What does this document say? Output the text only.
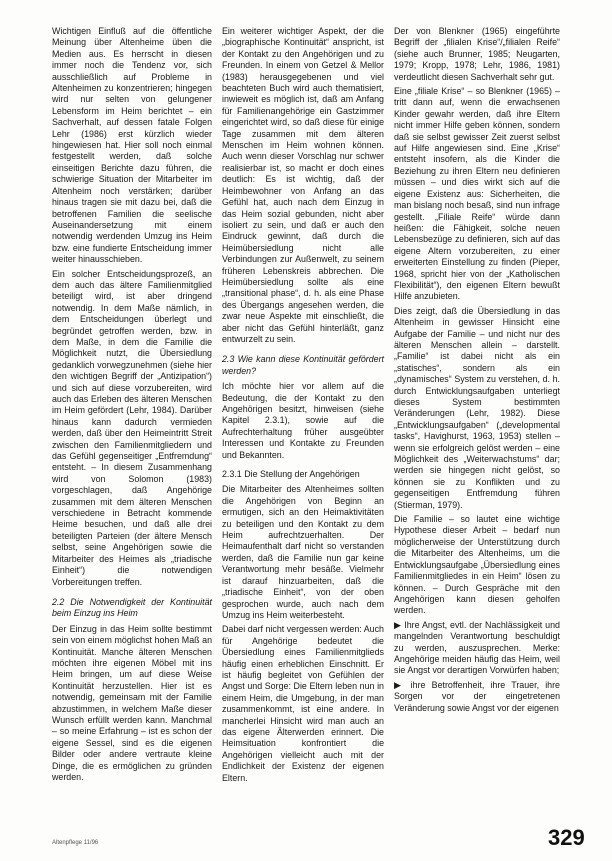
Wichtigen Einfluß auf die öffentliche Meinung über Altenheime üben die Medien aus. Es herrscht in diesen immer noch die Tendenz vor, sich ausschließlich auf Probleme in Altenheimen zu konzentrieren; hingegen wird nur selten von gelungener Lebensform im Heim berichtet – ein Sachverhalt, auf dessen fatale Folgen Lehr (1986) erst kürzlich wieder hingewiesen hat. Hier soll noch einmal festgestellt werden, daß solche einseitigen Berichte dazu führen, die schwierige Situation der Mitarbeiter im Altenheim noch verstärken; darüber hinaus tragen sie mit dazu bei, daß die betroffenen Familien die seelische Auseinandersetzung mit einem notwendig werdenden Umzug ins Heim bzw. eine fundierte Entscheidung immer weiter hinausschieben.

Ein solcher Entscheidungsprozeß, an dem auch das ältere Familienmitglied beteiligt wird, ist aber dringend notwendig. In dem Maße nämlich, in dem Entscheidungen überlegt und begründet getroffen werden, bzw. in dem Maße, in dem die Familie die Möglichkeit nutzt, die Übersiedlung gedanklich vorwegzunehmen (siehe hier den wichtigen Begriff der „Antizipation“) und sich auf diese vorzubereiten, wird auch das Erleben des älteren Menschen im Heim gefördert (Lehr, 1984). Darüber hinaus kann dadurch vermieden werden, daß über den Heimeintritt Streit zwischen den Familienmitgliedern und das Gefühl gegenseitiger „Entfremdung“ entsteht. – In diesem Zusammenhang wird von Solomon (1983) vorgeschlagen, daß Angehörige zusammen mit dem älteren Menschen verschiedene in Betracht kommende Heime besuchen, und daß alle drei beteiligten Parteien (der ältere Mensch selbst, seine Angehörigen sowie die Mitarbeiter des Heimes als „triadische Einheit“) die notwendigen Vorbereitungen treffen.

2.2 Die Notwendigkeit der Kontinuität beim Einzug ins Heim

Der Einzug in das Heim sollte bestimmt sein von einem möglichst hohen Maß an Kontinuität. Manche älteren Menschen möchten ihre eigenen Möbel mit ins Heim bringen, um auf diese Weise Kontinuität herzustellen. Hier ist es notwendig, gemeinsam mit der Familie abzustimmen, in welchem Maße dieser Wunsch erfüllt werden kann. Manchmal – so meine Erfahrung – ist es schon der eigene Sessel, sind es die eigenen Bilder oder andere vertraute kleine Dinge, die es ermöglichen zu gründen werden.

Ein weiterer wichtiger Aspekt, der die „biographische Kontinuität“ anspricht, ist der Kontakt zu den Angehörigen und zu Freunden. In einem von Getzel & Mellor (1983) herausgegebenen und viel beachteten Buch wird auch thematisiert, inwieweit es möglich ist, daß am Anfang für Familienangehörige ein Gastzimmer eingerichtet wird, so daß diese für einige Tage zusammen mit dem älteren Menschen im Heim wohnen können. Auch wenn dieser Vorschlag nur schwer realisierbar ist, so macht er doch eines deutlich: Es ist wichtig, daß der Heimbewohner von Anfang an das Gefühl hat, auch nach dem Einzug in das Heim sozial gebunden, nicht aber isoliert zu sein, und daß er auch den Eindruck gewinnt, daß durch die Heimübersiedlung nicht alle Verbindungen zur Außenwelt, zu seinem früheren Lebenskreis abbrechen. Die Heimübersiedlung sollte als eine „transitional phase“, d. h. als eine Phase des Übergangs angesehen werden, die zwar neue Aspekte mit einschließt, die aber nicht das Gefühl hinterläßt, ganz entwurzelt zu sein.

2.3 Wie kann diese Kontinuität gefördert werden?

Ich möchte hier vor allem auf die Bedeutung, die der Kontakt zu den Angehörigen besitzt, hinweisen (siehe Kapitel 2.3.1), sowie auf die Aufrechterhaltung früher ausgeübter Interessen und Kontakte zu Freunden und Bekannten.

2.3.1 Die Stellung der Angehörigen

Die Mitarbeiter des Altenheimes sollten die Angehörigen von Beginn an ermutigen, sich an den Heimaktivitäten zu beteiligen und den Kontakt zu dem Heim aufrechtzuerhalten. Der Heimaufenthalt darf nicht so verstanden werden, daß die Familie nun gar keine Verantwortung mehr besäße. Vielmehr ist darauf hinzuarbeiten, daß die „triadische Einheit“, von der oben gesprochen wurde, auch nach dem Umzug ins Heim weiterbesteht.

Dabei darf nicht vergessen werden: Auch für Angehörige bedeutet die Übersiedlung eines Familienmitglieds häufig einen erheblichen Einschnitt. Er ist häufig begleitet von Gefühlen der Angst und Sorge: Die Eltern leben nun in einem Heim, die Umgebung, in der man zusammenkommt, ist eine andere. In mancherlei Hinsicht wird man auch an das eigene Älterwerden erinnert. Die Heimsituation konfrontiert die Angehörigen vielleicht auch mit der Endlichkeit der Existenz der eigenen Eltern.

Der von Blenkner (1965) eingeführte Begriff der „filialen Krise“/„filialen Reife“ (siehe auch Brunner, 1985; Neugarten, 1979; Kropp, 1978; Lehr, 1986, 1981) verdeutlicht diesen Sachverhalt sehr gut.

Eine „filiale Krise“ – so Blenkner (1965) – tritt dann auf, wenn die erwachsenen Kinder gewahr werden, daß ihre Eltern nicht immer Hilfe geben können, sondern daß sie selbst gewisser Zeit zuerst selbst auf Hilfe angewiesen sind. Eine „Krise“ entsteht insofern, als die Kinder die Beziehung zu ihren Eltern neu definieren müssen – und dies wirkt sich auf die eigene Existenz aus: Sicherheiten, die man bislang noch besaß, sind nun infrage gestellt. „Filiale Reife“ würde dann heißen: die Fähigkeit, solche neuen Lebensbezüge zu definieren, sich auf das eigene Altern vorzubereiten, zu einer erweiterten Einstellung zu finden (Pieper, 1968, spricht hier von der „Katholischen Flexibilität“), den eigenen Eltern bewußt Hilfe anzubieten.

Dies zeigt, daß die Übersiedlung in das Altenheim in gewisser Hinsicht eine Aufgabe der Familie – und nicht nur des älteren Menschen allein – darstellt. „Familie“ ist dabei nicht als ein „statisches“, sondern als ein „dynamisches“ System zu verstehen, d. h. durch Entwicklungsaufgaben unterliegt dieses System bestimmten Veränderungen (Lehr, 1982). Diese „Entwicklungsaufgaben“ („developmental tasks“, Havighurst, 1963, 1953) stellen – wenn sie erfolgreich gelöst werden – eine Möglichkeit des „Weiterwachstums“ dar; werden sie hingegen nicht gelöst, so können sie zu Konflikten und zu gegenseitigen Entfremdung führen (Stierman, 1979).

Die Familie – so lautet eine wichtige Hypothese dieser Arbeit – bedarf nun möglicherweise der Unterstützung durch die Mitarbeiter des Altenheims, um die Entwicklungsaufgabe „Übersiedlung eines Familienmitgliedes in ein Heim“ lösen zu können. – Durch Gespräche mit den Angehörigen kann diesen geholfen werden.

▶ Ihre Angst, evtl. der Nachlässigkeit und mangelnden Verantwortung beschuldigt zu werden, auszusprechen. Merke: Angehörige meiden häufig das Heim, weil sie Angst vor derartigen Vorwürfen haben;

▶ ihre Betroffenheit, ihre Trauer, ihre Sorgen vor der eingetretenen Veränderung sowie Angst vor der eigenen

Altenpflege 11/96	329
